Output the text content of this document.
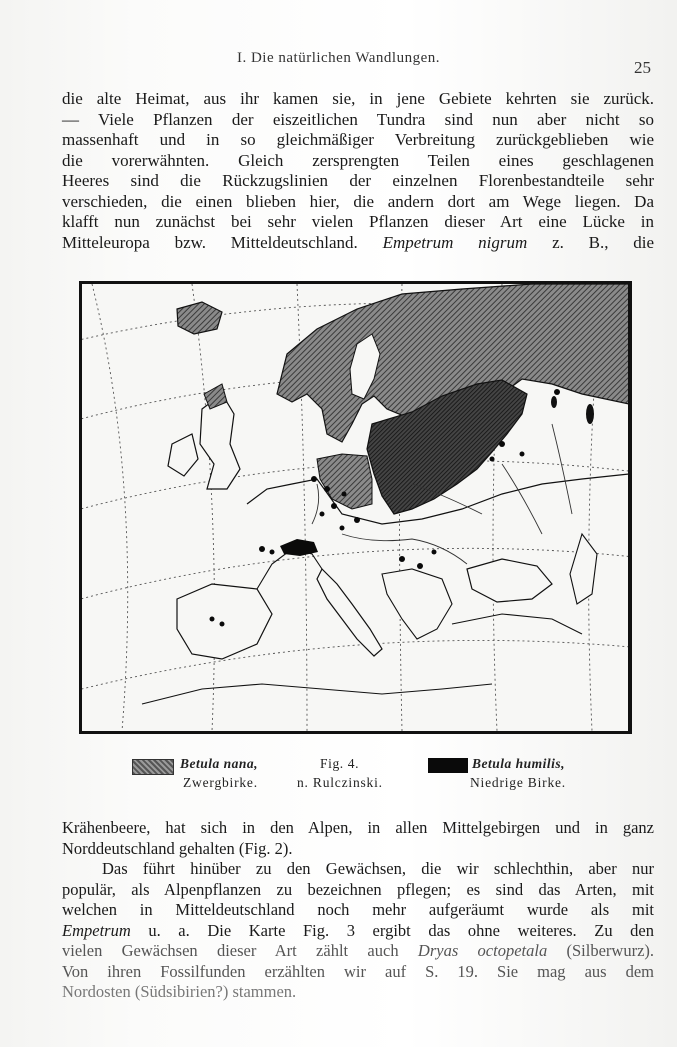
I. Die natürlichen Wandlungen.	25
die alte Heimat, aus ihr kamen sie, in jene Gebiete kehrten sie zurück.
— Viele Pflanzen der eiszeitlichen Tundra sind nun aber nicht so
massenhaft und in so gleichmäßiger Verbreitung zurückgeblieben wie
die vorerwähnten. Gleich zersprengten Teilen eines geschlagenen
Heeres sind die Rückzugslinien der einzelnen Florenbestandteile sehr
verschieden, die einen blieben hier, die andern dort am Wege liegen. Da
klafft nun zunächst bei sehr vielen Pflanzen dieser Art eine Lücke in
Mitteleuropa bzw. Mitteldeutschland. Empetrum nigrum z. B., die
Betula nana,
Zwergbirke.
Fig. 4.
n. Rulczinski.
Betula humilis,
Niedrige Birke.
Krähenbeere, hat sich in den Alpen, in allen Mittelgebirgen und in ganz
Norddeutschland gehalten (Fig. 2).
Das führt hinüber zu den Gewächsen, die wir schlechthin, aber nur
populär, als Alpenpflanzen zu bezeichnen pflegen; es sind das Arten, mit
welchen in Mitteldeutschland noch mehr aufgeräumt wurde als mit
Empetrum u. a. Die Karte Fig. 3 ergibt das ohne weiteres. Zu den
vielen Gewächsen dieser Art zählt auch Dryas octopetala (Silberwurz).
Von ihren Fossilfunden erzählten wir auf S. 19. Sie mag aus dem
Nordosten (Südsibirien?) stammen.
